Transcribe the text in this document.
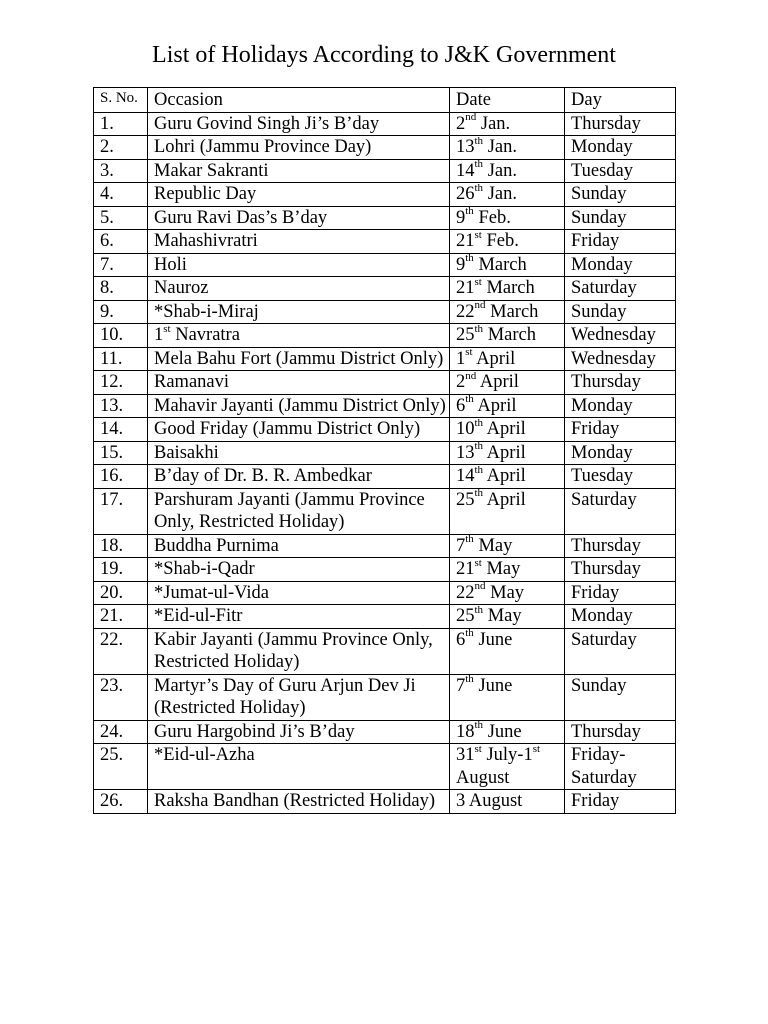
List of Holidays According to J&K Government
S. No.	Occasion	Date	Day
1.	Guru Govind Singh Ji’s B’day	2nd Jan.	Thursday
2.	Lohri (Jammu Province Day)	13th Jan.	Monday
3.	Makar Sakranti	14th Jan.	Tuesday
4.	Republic Day	26th Jan.	Sunday
5.	Guru Ravi Das’s B’day	9th Feb.	Sunday
6.	Mahashivratri	21st Feb.	Friday
7.	Holi	9th March	Monday
8.	Nauroz	21st March	Saturday
9.	*Shab-i-Miraj	22nd March	Sunday
10.	1st Navratra	25th March	Wednesday
11.	Mela Bahu Fort (Jammu District Only)	1st April	Wednesday
12.	Ramanavi	2nd April	Thursday
13.	Mahavir Jayanti (Jammu District Only)	6th April	Monday
14.	Good Friday (Jammu District Only)	10th April	Friday
15.	Baisakhi	13th April	Monday
16.	B’day of Dr. B. R. Ambedkar	14th April	Tuesday
17.	Parshuram Jayanti (Jammu Province Only, Restricted Holiday)	25th April	Saturday
18.	Buddha Purnima	7th May	Thursday
19.	*Shab-i-Qadr	21st May	Thursday
20.	*Jumat-ul-Vida	22nd May	Friday
21.	*Eid-ul-Fitr	25th May	Monday
22.	Kabir Jayanti (Jammu Province Only, Restricted Holiday)	6th June	Saturday
23.	Martyr’s Day of Guru Arjun Dev Ji (Restricted Holiday)	7th June	Sunday
24.	Guru Hargobind Ji’s B’day	18th June	Thursday
25.	*Eid-ul-Azha	31st July-1st August	Friday-Saturday
26.	Raksha Bandhan (Restricted Holiday)	3 August	Friday
